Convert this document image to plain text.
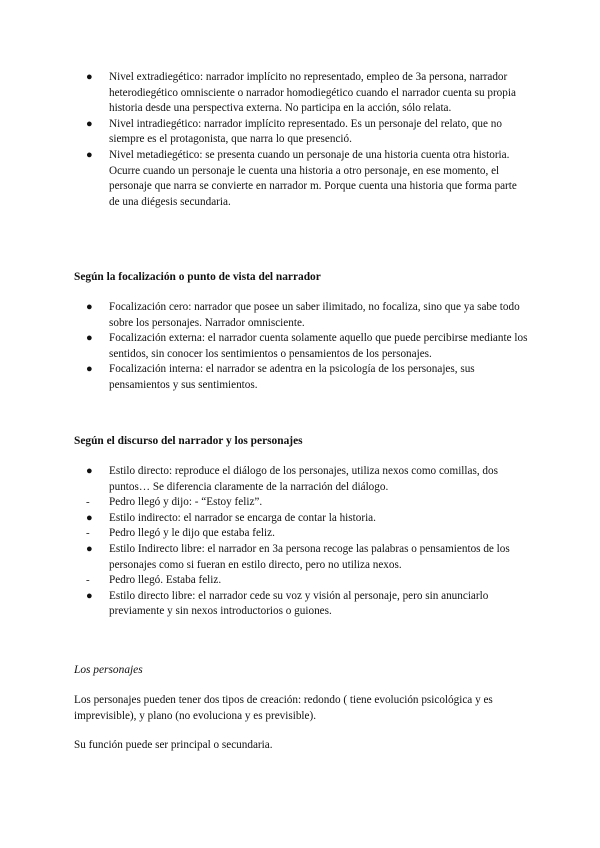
● Nivel extradiegético: narrador implícito no representado, empleo de 3a persona, narrador heterodiegético omnisciente o narrador homodiegético cuando el narrador cuenta su propia historia desde una perspectiva externa. No participa en la acción, sólo relata.
● Nivel intradiegético: narrador implícito representado. Es un personaje del relato, que no siempre es el protagonista, que narra lo que presenció.
● Nivel metadiegético: se presenta cuando un personaje de una historia cuenta otra historia. Ocurre cuando un personaje le cuenta una historia a otro personaje, en ese momento, el personaje que narra se convierte en narrador m. Porque cuenta una historia que forma parte de una diégesis secundaria.
Según la focalización o punto de vista del narrador
● Focalización cero: narrador que posee un saber ilimitado, no focaliza, sino que ya sabe todo sobre los personajes. Narrador omnisciente.
● Focalización externa: el narrador cuenta solamente aquello que puede percibirse mediante los sentidos, sin conocer los sentimientos o pensamientos de los personajes.
● Focalización interna: el narrador se adentra en la psicología de los personajes, sus pensamientos y sus sentimientos.
Según el discurso del narrador y los personajes
● Estilo directo: reproduce el diálogo de los personajes, utiliza nexos como comillas, dos puntos… Se diferencia claramente de la narración del diálogo.
- Pedro llegó y dijo: - “Estoy feliz”.
● Estilo indirecto: el narrador se encarga de contar la historia.
- Pedro llegó y le dijo que estaba feliz.
● Estilo Indirecto libre: el narrador en 3a persona recoge las palabras o pensamientos de los personajes como si fueran en estilo directo, pero no utiliza nexos.
- Pedro llegó. Estaba feliz.
● Estilo directo libre: el narrador cede su voz y visión al personaje, pero sin anunciarlo previamente y sin nexos introductorios o guiones.

Los personajes

Los personajes pueden tener dos tipos de creación: redondo ( tiene evolución psicológica y es imprevisible), y plano (no evoluciona y es previsible).

Su función puede ser principal o secundaria.
